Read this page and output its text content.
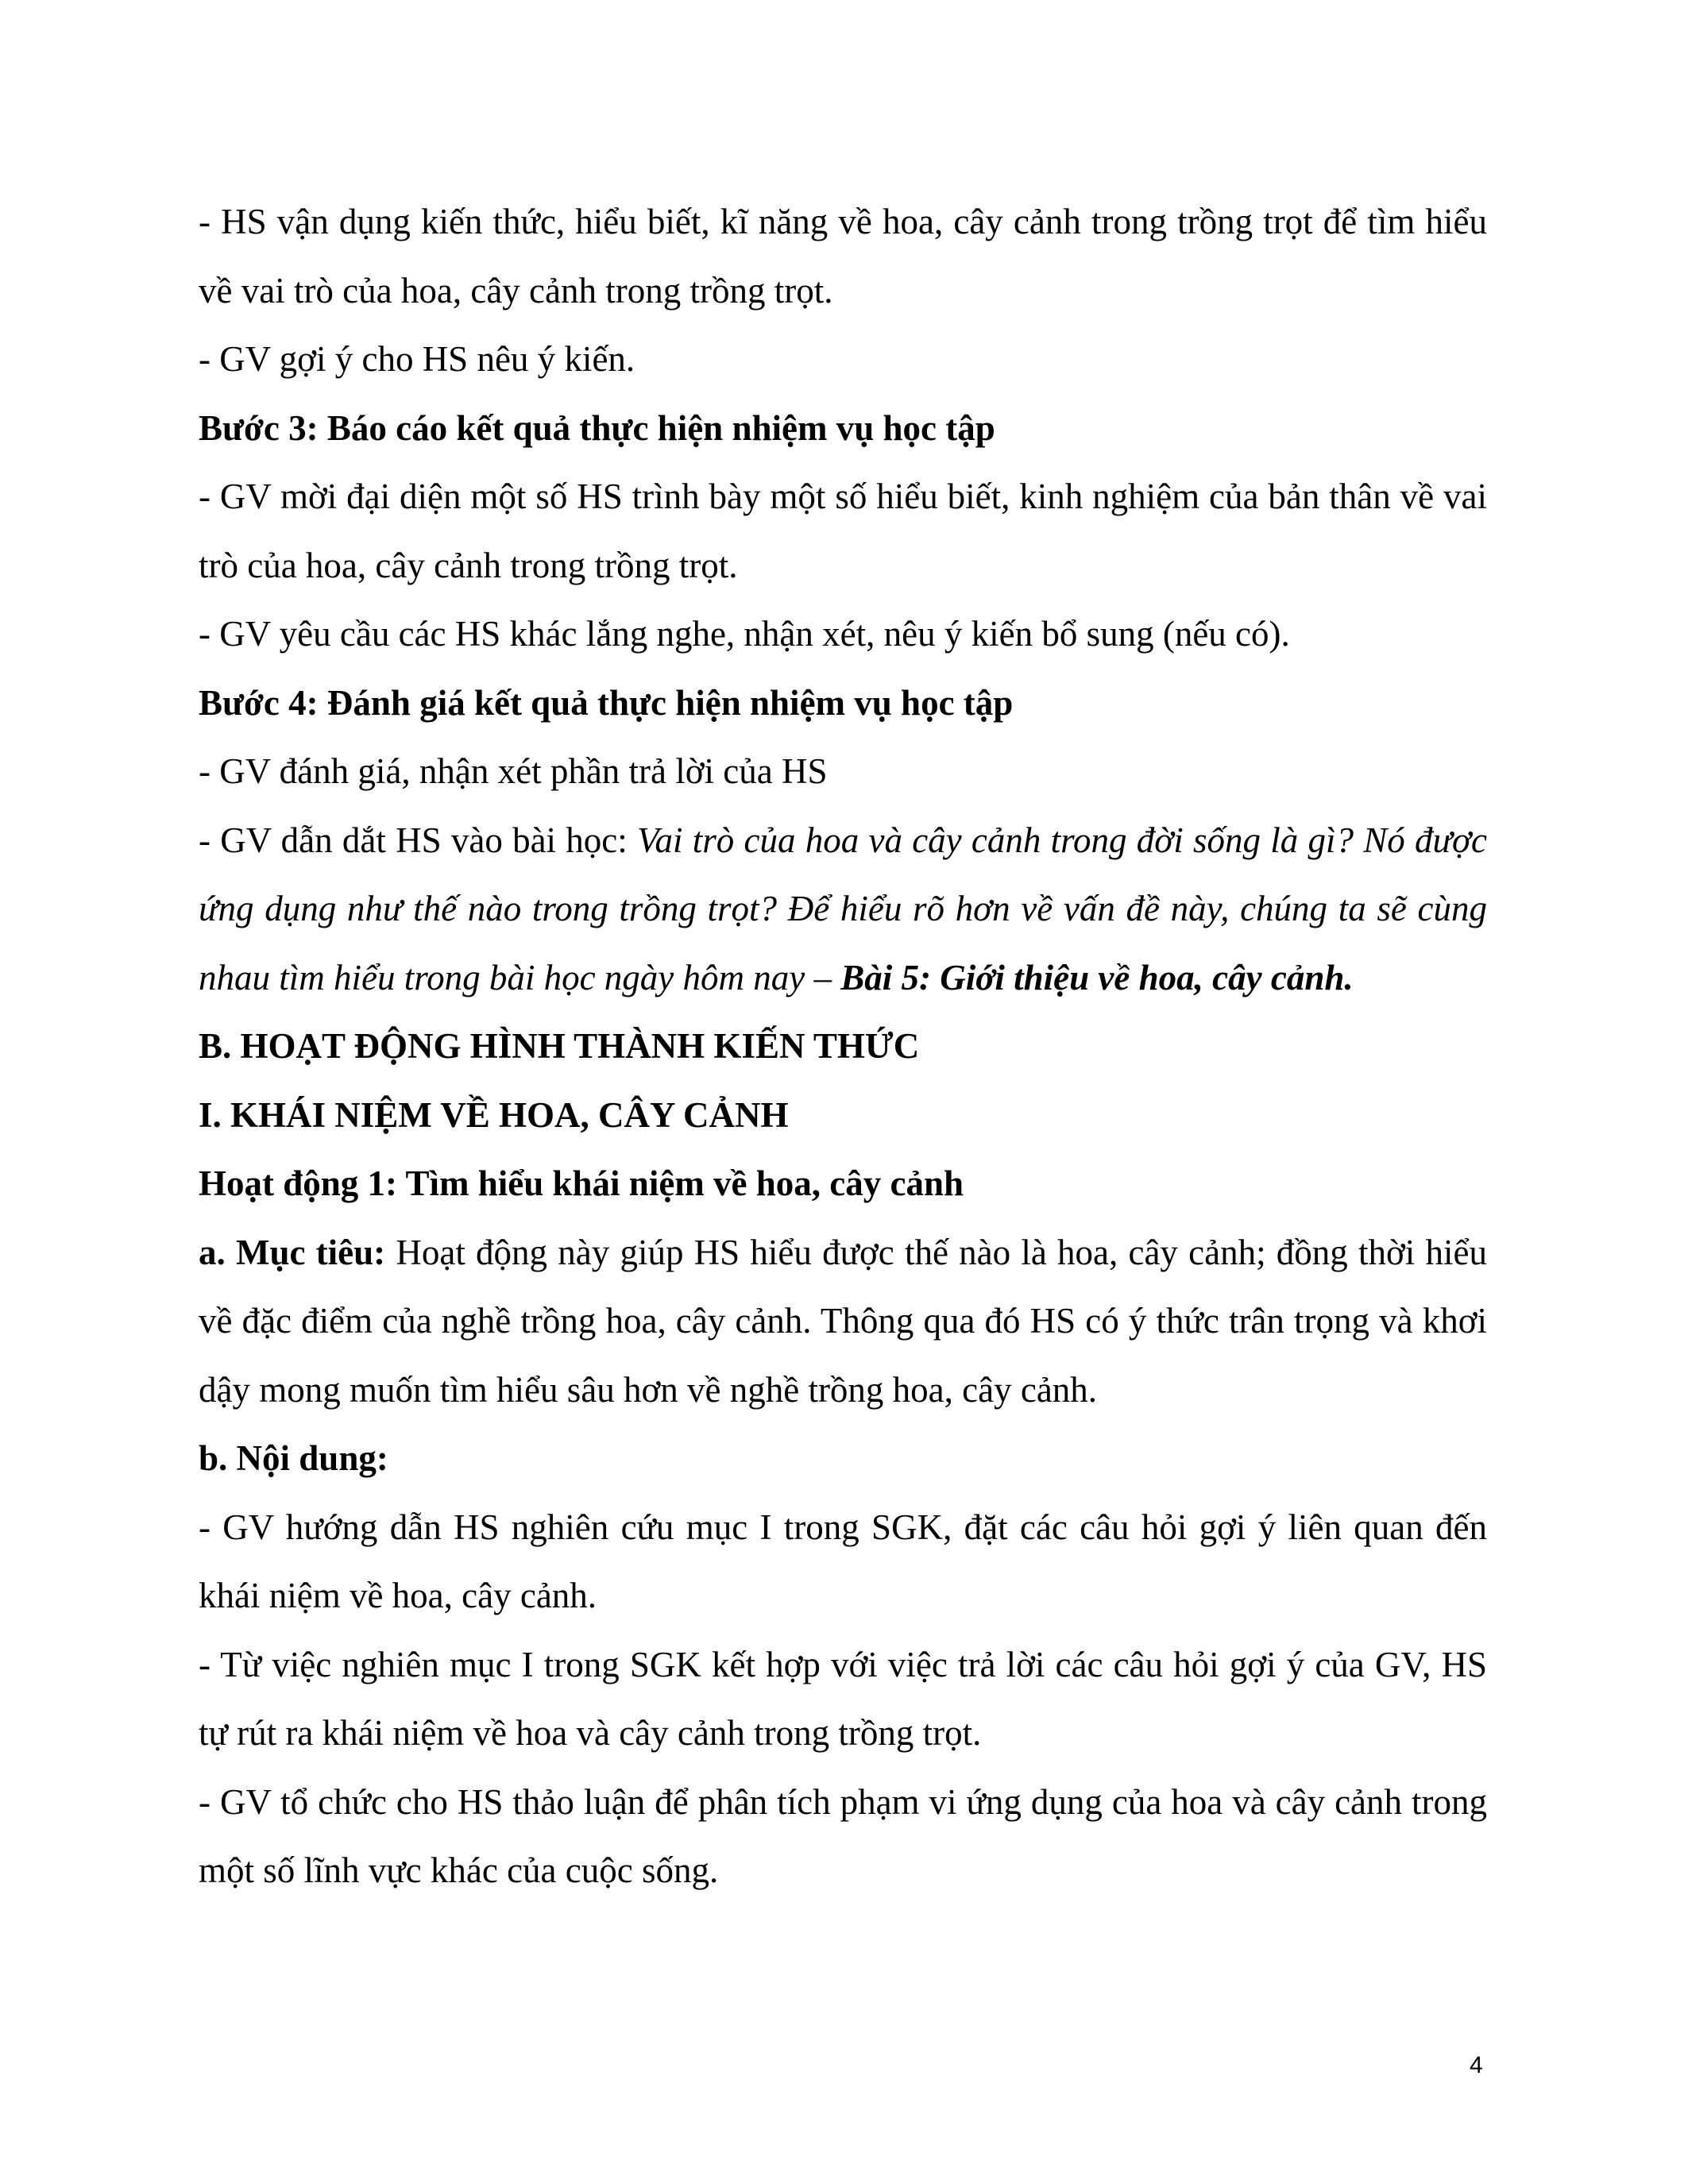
- HS vận dụng kiến thức, hiểu biết, kĩ năng về hoa, cây cảnh trong trồng trọt để tìm hiểu về vai trò của hoa, cây cảnh trong trồng trọt.

- GV gợi ý cho HS nêu ý kiến.

Bước 3: Báo cáo kết quả thực hiện nhiệm vụ học tập

- GV mời đại diện một số HS trình bày một số hiểu biết, kinh nghiệm của bản thân về vai trò của hoa, cây cảnh trong trồng trọt.

- GV yêu cầu các HS khác lắng nghe, nhận xét, nêu ý kiến bổ sung (nếu có).

Bước 4: Đánh giá kết quả thực hiện nhiệm vụ học tập

- GV đánh giá, nhận xét phần trả lời của HS

- GV dẫn dắt HS vào bài học: Vai trò của hoa và cây cảnh trong đời sống là gì? Nó được ứng dụng như thế nào trong trồng trọt? Để hiểu rõ hơn về vấn đề này, chúng ta sẽ cùng nhau tìm hiểu trong bài học ngày hôm nay – Bài 5: Giới thiệu về hoa, cây cảnh.

B. HOẠT ĐỘNG HÌNH THÀNH KIẾN THỨC

I. KHÁI NIỆM VỀ HOA, CÂY CẢNH

Hoạt động 1: Tìm hiểu khái niệm về hoa, cây cảnh

a. Mục tiêu: Hoạt động này giúp HS hiểu được thế nào là hoa, cây cảnh; đồng thời hiểu về đặc điểm của nghề trồng hoa, cây cảnh. Thông qua đó HS có ý thức trân trọng và khơi dậy mong muốn tìm hiểu sâu hơn về nghề trồng hoa, cây cảnh.

b. Nội dung:

- GV hướng dẫn HS nghiên cứu mục I trong SGK, đặt các câu hỏi gợi ý liên quan đến khái niệm về hoa, cây cảnh.

- Từ việc nghiên mục I trong SGK kết hợp với việc trả lời các câu hỏi gợi ý của GV, HS tự rút ra khái niệm về hoa và cây cảnh trong trồng trọt.

- GV tổ chức cho HS thảo luận để phân tích phạm vi ứng dụng của hoa và cây cảnh trong một số lĩnh vực khác của cuộc sống.

4
